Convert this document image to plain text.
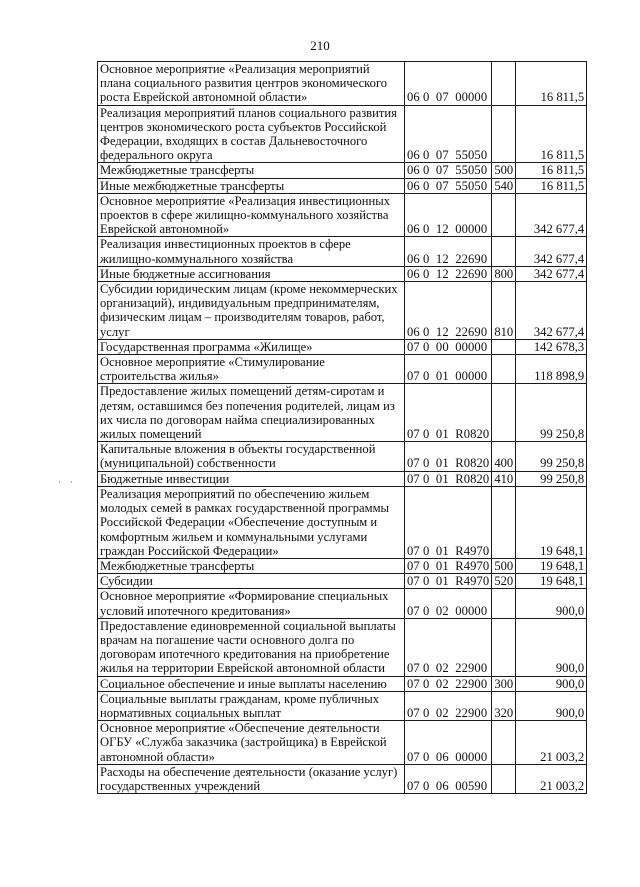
210
· ·
Основное мероприятие «Реализация мероприятий плана социального развития центров экономического роста Еврейской автономной области»	06 0  07  00000		16 811,5
Реализация мероприятий планов социального развития центров экономического роста субъектов Российской Федерации, входящих в состав Дальневосточного федерального округа	06 0  07  55050		16 811,5
Межбюджетные трансферты	06 0  07  55050	500	16 811,5
Иные межбюджетные трансферты	06 0  07  55050	540	16 811,5
Основное мероприятие «Реализация инвестиционных проектов в сфере жилищно-коммунального хозяйства Еврейской автономной»	06 0  12  00000		342 677,4
Реализация инвестиционных проектов в сфере жилищно-коммунального хозяйства	06 0  12  22690		342 677,4
Иные бюджетные ассигнования	06 0  12  22690	800	342 677,4
Субсидии юридическим лицам (кроме некоммерческих организаций), индивидуальным предпринимателям, физическим лицам – производителям товаров, работ, услуг	06 0  12  22690	810	342 677,4
Государственная программа «Жилище»	07 0  00  00000		142 678,3
Основное мероприятие «Стимулирование строительства жилья»	07 0  01  00000		118 898,9
Предоставление жилых помещений детям-сиротам и детям, оставшимся без попечения родителей, лицам из их числа по договорам найма специализированных жилых помещений	07 0  01  R0820		99 250,8
Капитальные вложения в объекты государственной (муниципальной) собственности	07 0  01  R0820	400	99 250,8
Бюджетные инвестиции	07 0  01  R0820	410	99 250,8
Реализация мероприятий по обеспечению жильем молодых семей в рамках государственной программы Российской Федерации «Обеспечение доступным и комфортным жильем и коммунальными услугами граждан Российской Федерации»	07 0  01  R4970		19 648,1
Межбюджетные трансферты	07 0  01  R4970	500	19 648,1
Субсидии	07 0  01  R4970	520	19 648,1
Основное мероприятие «Формирование специальных условий ипотечного кредитования»	07 0  02  00000		900,0
Предоставление единовременной социальной выплаты врачам на погашение части основного долга по договорам ипотечного кредитования на приобретение жилья на территории Еврейской автономной области	07 0  02  22900		900,0
Социальное обеспечение и иные выплаты населению	07 0  02  22900	300	900,0
Социальные выплаты гражданам, кроме публичных нормативных социальных выплат	07 0  02  22900	320	900,0
Основное мероприятие «Обеспечение деятельности ОГБУ «Служба заказчика (застройщика) в Еврейской автономной области»	07 0  06  00000		21 003,2
Расходы на обеспечение деятельности (оказание услуг) государственных учреждений	07 0  06  00590		21 003,2
